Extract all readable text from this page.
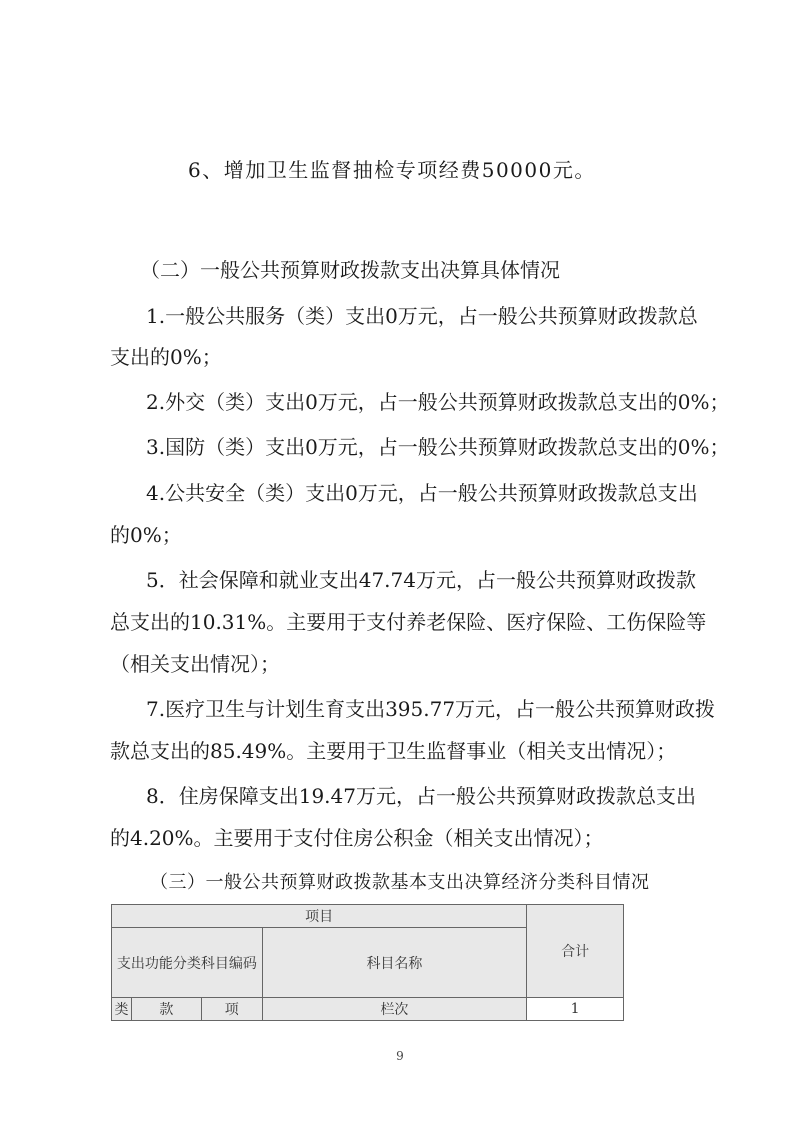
6、增加卫生监督抽检专项经费50000元。
（二）一般公共预算财政拨款支出决算具体情况
1.一般公共服务（类）支出0万元，占一般公共预算财政拨款总
支出的0%；
2.外交（类）支出0万元，占一般公共预算财政拨款总支出的0%；
3.国防（类）支出0万元，占一般公共预算财政拨款总支出的0%；
4.公共安全（类）支出0万元，占一般公共预算财政拨款总支出
的0%；
5．社会保障和就业支出47.74万元，占一般公共预算财政拨款
总支出的10.31%。主要用于支付养老保险、医疗保险、工伤保险等
（相关支出情况）；
7.医疗卫生与计划生育支出395.77万元，占一般公共预算财政拨
款总支出的85.49%。主要用于卫生监督事业（相关支出情况）；
8．住房保障支出19.47万元，占一般公共预算财政拨款总支出
的4.20%。主要用于支付住房公积金（相关支出情况）；
（三）一般公共预算财政拨款基本支出决算经济分类科目情况
项目				合计
支出功能分类科目编码			科目名称	
类	款	项	栏次	1
9
